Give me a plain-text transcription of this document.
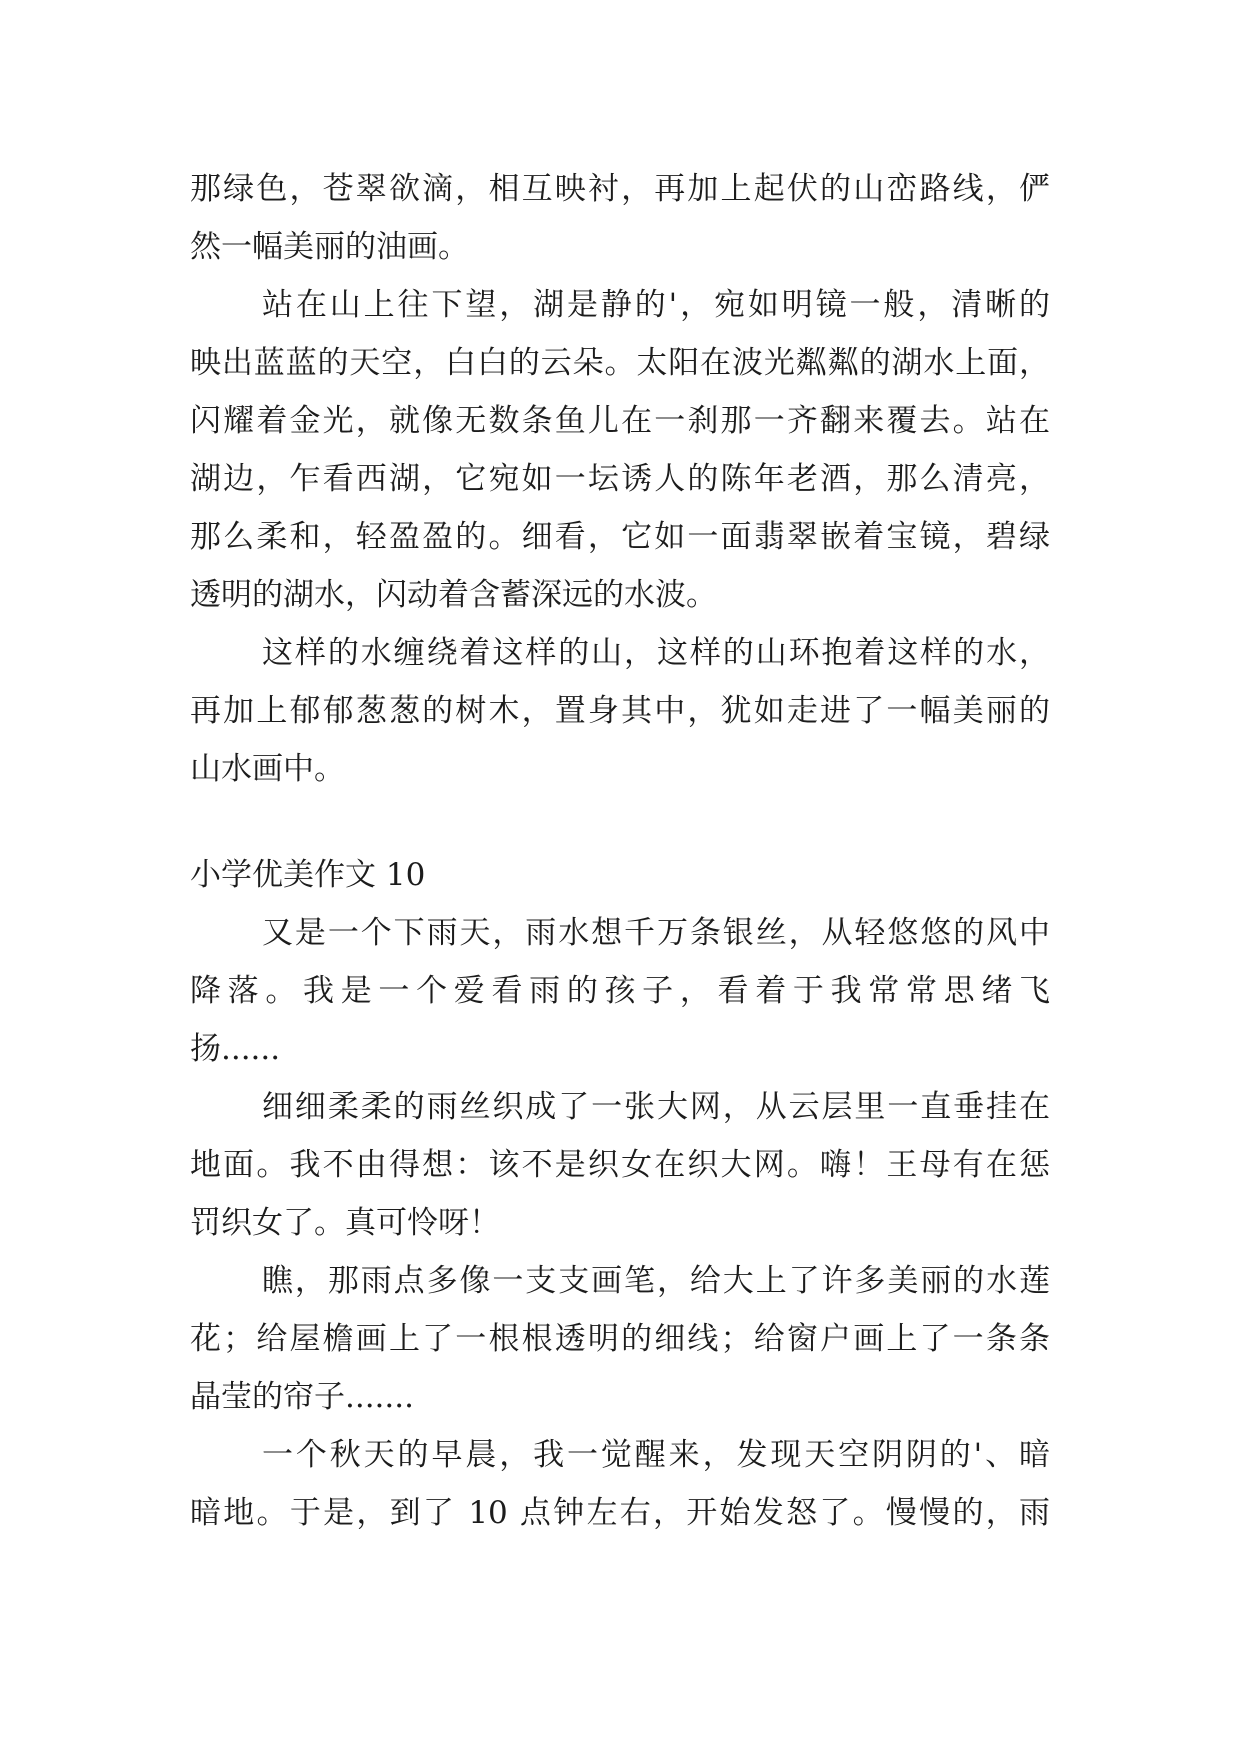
那绿色，苍翠欲滴，相互映衬，再加上起伏的山峦路线，俨
然一幅美丽的油画。
站在山上往下望，湖是静的'，宛如明镜一般，清晰的
映出蓝蓝的天空，白白的云朵。太阳在波光粼粼的湖水上面，
闪耀着金光，就像无数条鱼儿在一刹那一齐翻来覆去。站在
湖边，乍看西湖，它宛如一坛诱人的陈年老酒，那么清亮，
那么柔和，轻盈盈的。细看，它如一面翡翠嵌着宝镜，碧绿
透明的湖水，闪动着含蓄深远的水波。
这样的水缠绕着这样的山，这样的山环抱着这样的水，
再加上郁郁葱葱的树木，置身其中，犹如走进了一幅美丽的
山水画中。
小学优美作文 10
又是一个下雨天，雨水想千万条银丝，从轻悠悠的风中
降落。我是一个爱看雨的孩子，看着于我常常思绪飞
扬......
细细柔柔的雨丝织成了一张大网，从云层里一直垂挂在
地面。我不由得想：该不是织女在织大网。嗨！王母有在惩
罚织女了。真可怜呀！
瞧，那雨点多像一支支画笔，给大上了许多美丽的水莲
花；给屋檐画上了一根根透明的细线；给窗户画上了一条条
晶莹的帘子.......
一个秋天的早晨，我一觉醒来，发现天空阴阴的'、暗
暗地。于是，到了 10 点钟左右，开始发怒了。慢慢的，雨
